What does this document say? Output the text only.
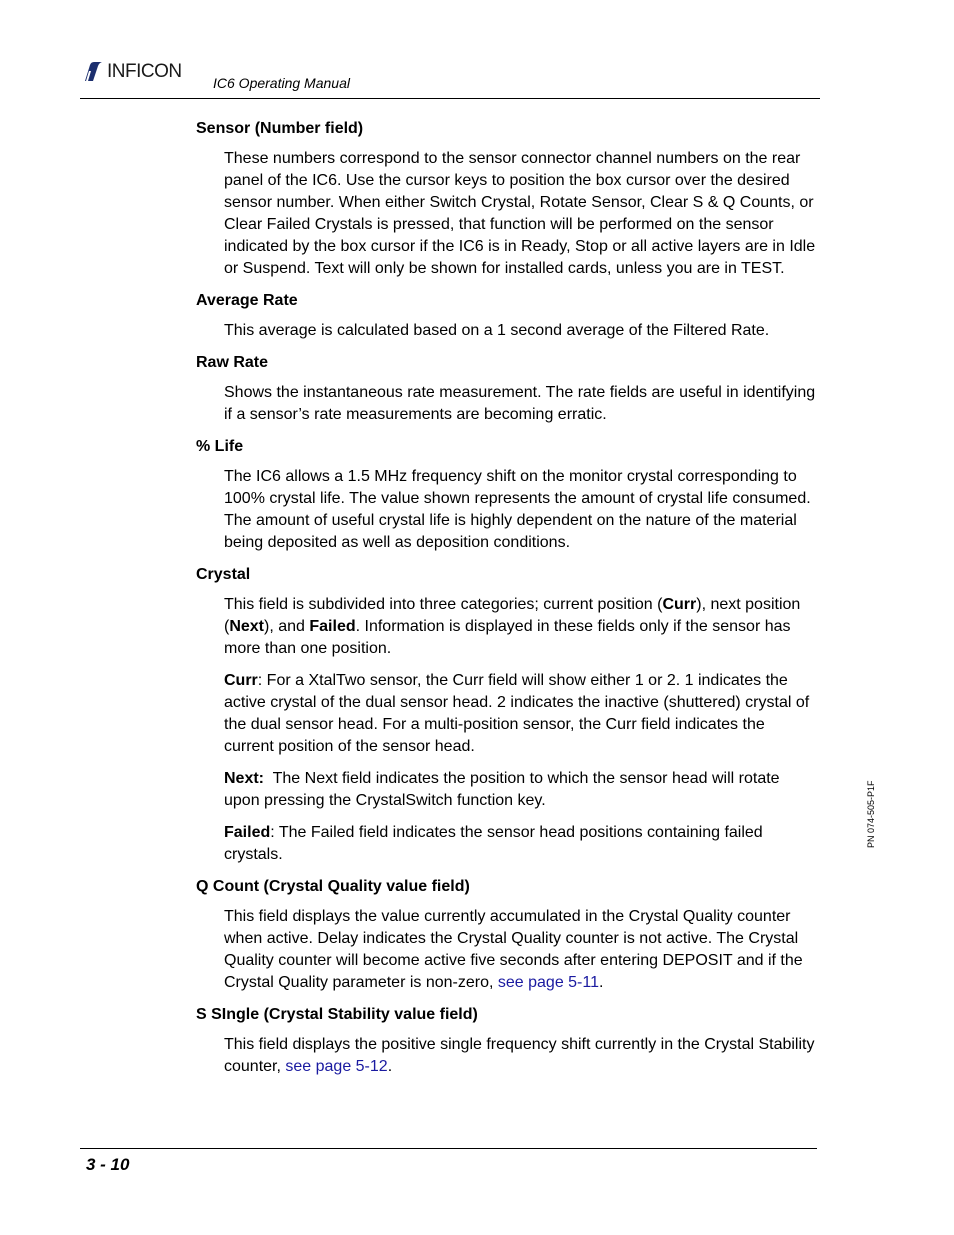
INFICON
IC6 Operating Manual
Sensor (Number field)

These numbers correspond to the sensor connector channel numbers on the rear panel of the IC6. Use the cursor keys to position the box cursor over the desired sensor number. When either Switch Crystal, Rotate Sensor, Clear S & Q Counts, or Clear Failed Crystals is pressed, that function will be performed on the sensor indicated by the box cursor if the IC6 is in Ready, Stop or all active layers are in Idle or Suspend. Text will only be shown for installed cards, unless you are in TEST.

Average Rate

This average is calculated based on a 1 second average of the Filtered Rate.

Raw Rate

Shows the instantaneous rate measurement. The rate fields are useful in identifying if a sensor’s rate measurements are becoming erratic.

% Life

The IC6 allows a 1.5 MHz frequency shift on the monitor crystal corresponding to 100% crystal life. The value shown represents the amount of crystal life consumed. The amount of useful crystal life is highly dependent on the nature of the material being deposited as well as deposition conditions.

Crystal

This field is subdivided into three categories; current position (Curr), next position (Next), and Failed. Information is displayed in these fields only if the sensor has more than one position.

Curr: For a XtalTwo sensor, the Curr field will show either 1 or 2. 1 indicates the active crystal of the dual sensor head. 2 indicates the inactive (shuttered) crystal of the dual sensor head. For a multi-position sensor, the Curr field indicates the current position of the sensor head.

Next:  The Next field indicates the position to which the sensor head will rotate upon pressing the CrystalSwitch function key.

Failed: The Failed field indicates the sensor head positions containing failed crystals.

Q Count (Crystal Quality value field)

This field displays the value currently accumulated in the Crystal Quality counter when active. Delay indicates the Crystal Quality counter is not active. The Crystal Quality counter will become active five seconds after entering DEPOSIT and if the Crystal Quality parameter is non-zero, see page 5-11.

S SIngle (Crystal Stability value field)

This field displays the positive single frequency shift currently in the Crystal Stability counter, see page 5-12.

PN 074-505-P1F
3 - 10
